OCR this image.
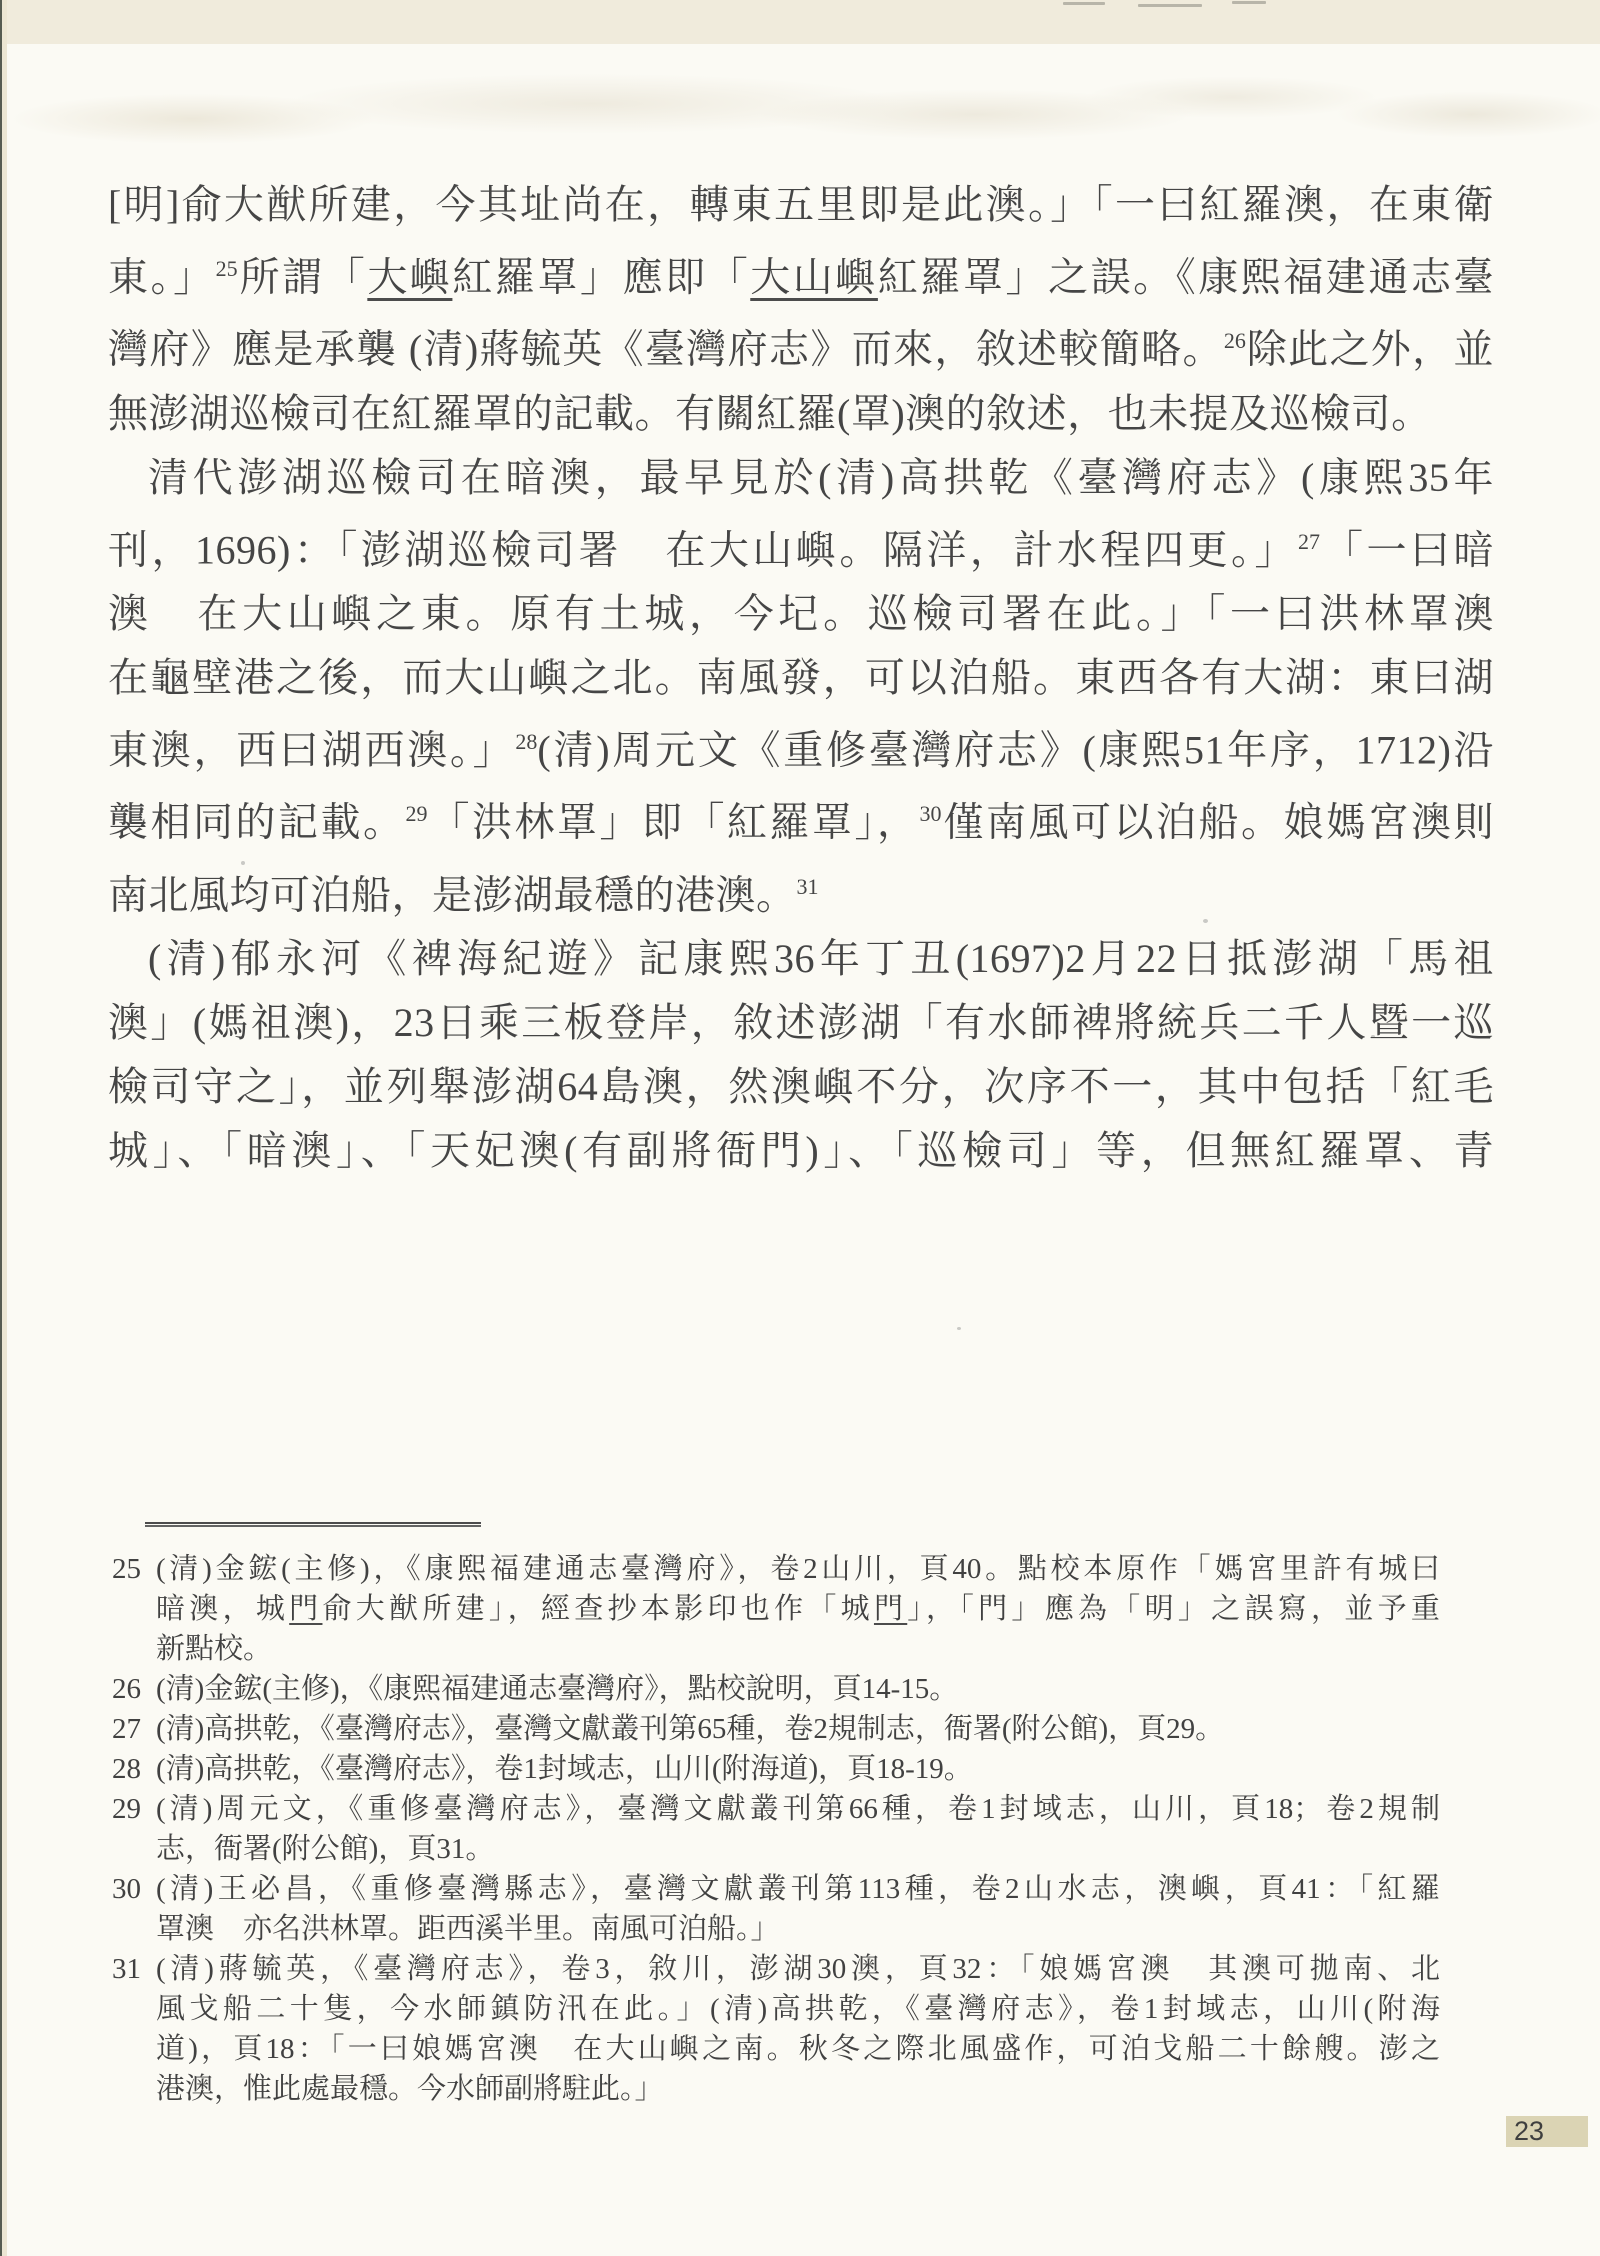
[明]俞大猷所建，今其址尚在，轉東五里即是此澳。」「一曰紅羅澳，在東衛
東。」$^{25}$所謂「大嶼紅羅罩」應即「大山嶼紅羅罩」之誤。《康熙福建通志臺
灣府》應是承襲 (清)蔣毓英《臺灣府志》而來，敘述較簡略。$^{26}$除此之外，並
無澎湖巡檢司在紅羅罩的記載。有關紅羅(罩)澳的敘述，也未提及巡檢司。
清代澎湖巡檢司在暗澳，最早見於(清)高拱乾《臺灣府志》(康熙35年
刊，1696)：「澎湖巡檢司署　在大山嶼。隔洋，計水程四更。」$^{27}$「一曰暗
澳　在大山嶼之東。原有土城，今圮。巡檢司署在此。」「一曰洪林罩澳
在龜壁港之後，而大山嶼之北。南風發，可以泊船。東西各有大湖：東曰湖
東澳，西曰湖西澳。」$^{28}$(清)周元文《重修臺灣府志》(康熙51年序，1712)沿
襲相同的記載。$^{29}$「洪林罩」即「紅羅罩」，$^{30}$僅南風可以泊船。娘媽宮澳則
南北風均可泊船，是澎湖最穩的港澳。$^{31}$
(清)郁永河《裨海紀遊》記康熙36年丁丑(1697)2月22日抵澎湖「馬祖
澳」(媽祖澳)，23日乘三板登岸，敘述澎湖「有水師裨將統兵二千人暨一巡
檢司守之」，並列舉澎湖64島澳，然澳嶼不分，次序不一，其中包括「紅毛
城」、「暗澳」、「天妃澳(有副將衙門)」、「巡檢司」等，但無紅羅罩、青
25 (清)金鋐(主修)，《康熙福建通志臺灣府》，卷2山川，頁40。點校本原作「媽宮里許有城曰
暗澳，城門俞大猷所建」，經查抄本影印也作「城門」，「門」應為「明」之誤寫，並予重
新點校。
26 (清)金鋐(主修)，《康熙福建通志臺灣府》，點校說明，頁14-15。
27 (清)高拱乾，《臺灣府志》，臺灣文獻叢刊第65種，卷2規制志，衙署(附公館)，頁29。
28 (清)高拱乾，《臺灣府志》，卷1封域志，山川(附海道)，頁18-19。
29 (清)周元文，《重修臺灣府志》，臺灣文獻叢刊第66種，卷1封域志，山川，頁18；卷2規制
志，衙署(附公館)，頁31。
30 (清)王必昌，《重修臺灣縣志》，臺灣文獻叢刊第113種，卷2山水志，澳嶼，頁41：「紅羅
罩澳　亦名洪林罩。距西溪半里。南風可泊船。」
31 (清)蔣毓英，《臺灣府志》，卷3，敘川，澎湖30澳，頁32：「娘媽宮澳　其澳可拋南、北
風戈船二十隻，今水師鎮防汛在此。」(清)高拱乾，《臺灣府志》，卷1封域志，山川(附海
道)，頁18：「一曰娘媽宮澳　在大山嶼之南。秋冬之際北風盛作，可泊戈船二十餘艘。澎之
港澳，惟此處最穩。今水師副將駐此。」
23
